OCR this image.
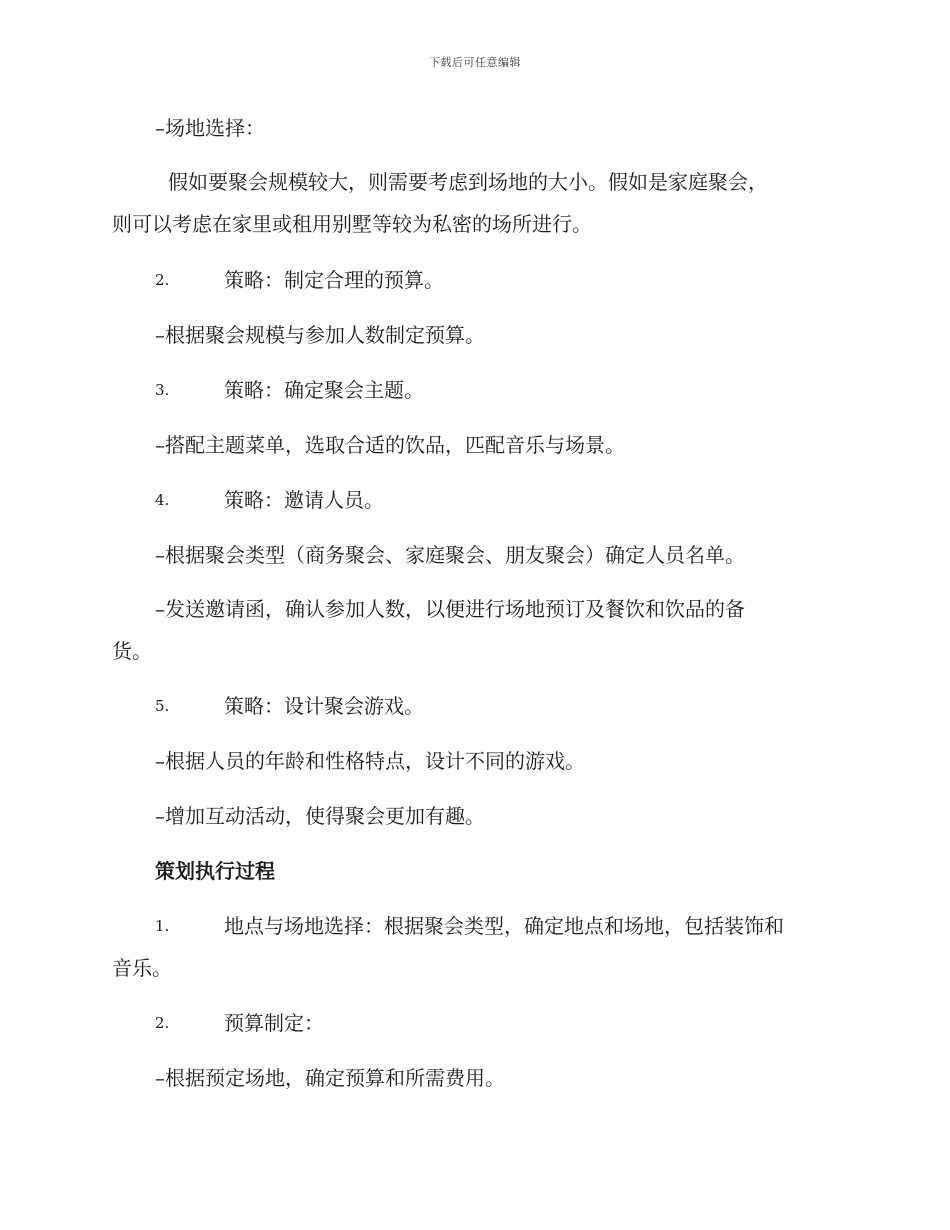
下载后可任意编辑
–场地选择：
假如要聚会规模较大，则需要考虑到场地的大小。假如是家庭聚会，
则可以考虑在家里或租用别墅等较为私密的场所进行。
2.	策略：制定合理的预算。
–根据聚会规模与参加人数制定预算。
3.	策略：确定聚会主题。
–搭配主题菜单，选取合适的饮品，匹配音乐与场景。
4.	策略：邀请人员。
–根据聚会类型（商务聚会、家庭聚会、朋友聚会）确定人员名单。
–发送邀请函，确认参加人数，以便进行场地预订及餐饮和饮品的备
货。
5.	策略：设计聚会游戏。
–根据人员的年龄和性格特点，设计不同的游戏。
–增加互动活动，使得聚会更加有趣。
策划执行过程
1.	地点与场地选择：根据聚会类型，确定地点和场地，包括装饰和
音乐。
2.	预算制定：
–根据预定场地，确定预算和所需费用。
